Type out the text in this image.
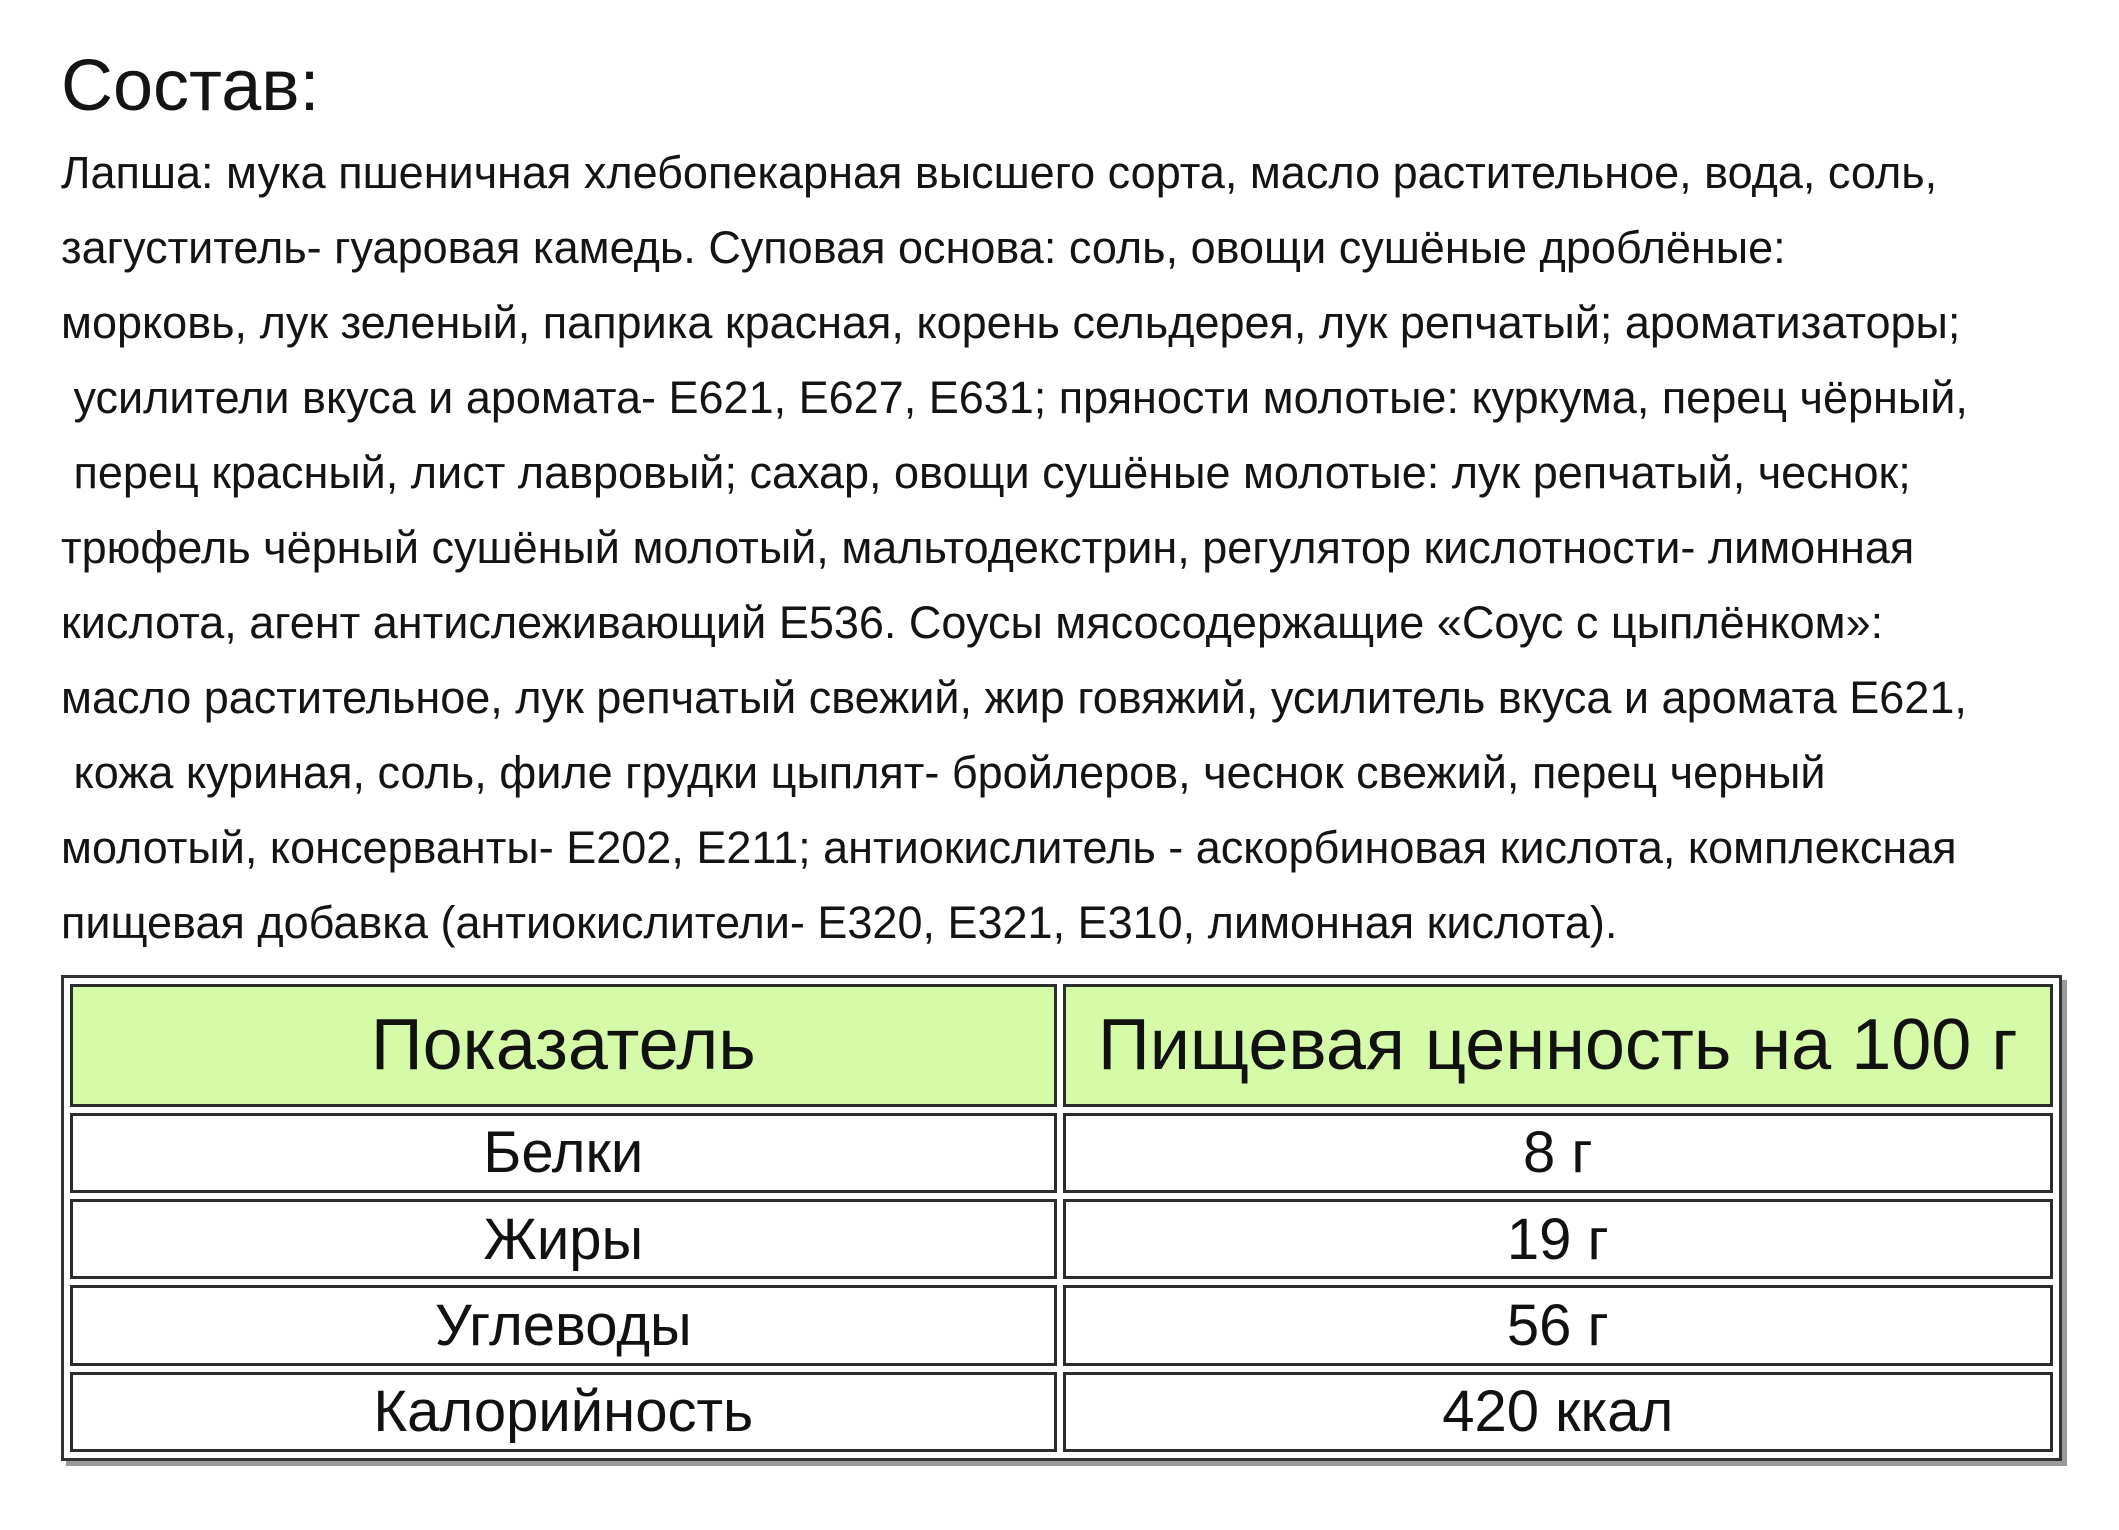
Состав:

Лапша: мука пшеничная хлебопекарная высшего сорта, масло растительное, вода, соль,
загуститель- гуаровая камедь. Суповая основа: соль, овощи сушёные дроблёные:
морковь, лук зеленый, паприка красная, корень сельдерея, лук репчатый; ароматизаторы;
усилители вкуса и аромата- Е621, Е627, Е631; пряности молотые: куркума, перец чёрный,
перец красный, лист лавровый; сахар, овощи сушёные молотые: лук репчатый, чеснок;
трюфель чёрный сушёный молотый, мальтодекстрин, регулятор кислотности- лимонная
кислота, агент антислеживающий Е536. Соусы мясосодержащие «Соус с цыплёнком»:
масло растительное, лук репчатый свежий, жир говяжий, усилитель вкуса и аромата Е621,
кожа куриная, соль, филе грудки цыплят- бройлеров, чеснок свежий, перец черный
молотый, консерванты- Е202, Е211; антиокислитель - аскорбиновая кислота, комплексная
пищевая добавка (антиокислители- Е320, Е321, Е310, лимонная кислота).

Показатель	Пищевая ценность на 100 г
Белки	8 г
Жиры	19 г
Углеводы	56 г
Калорийность	420 ккал
